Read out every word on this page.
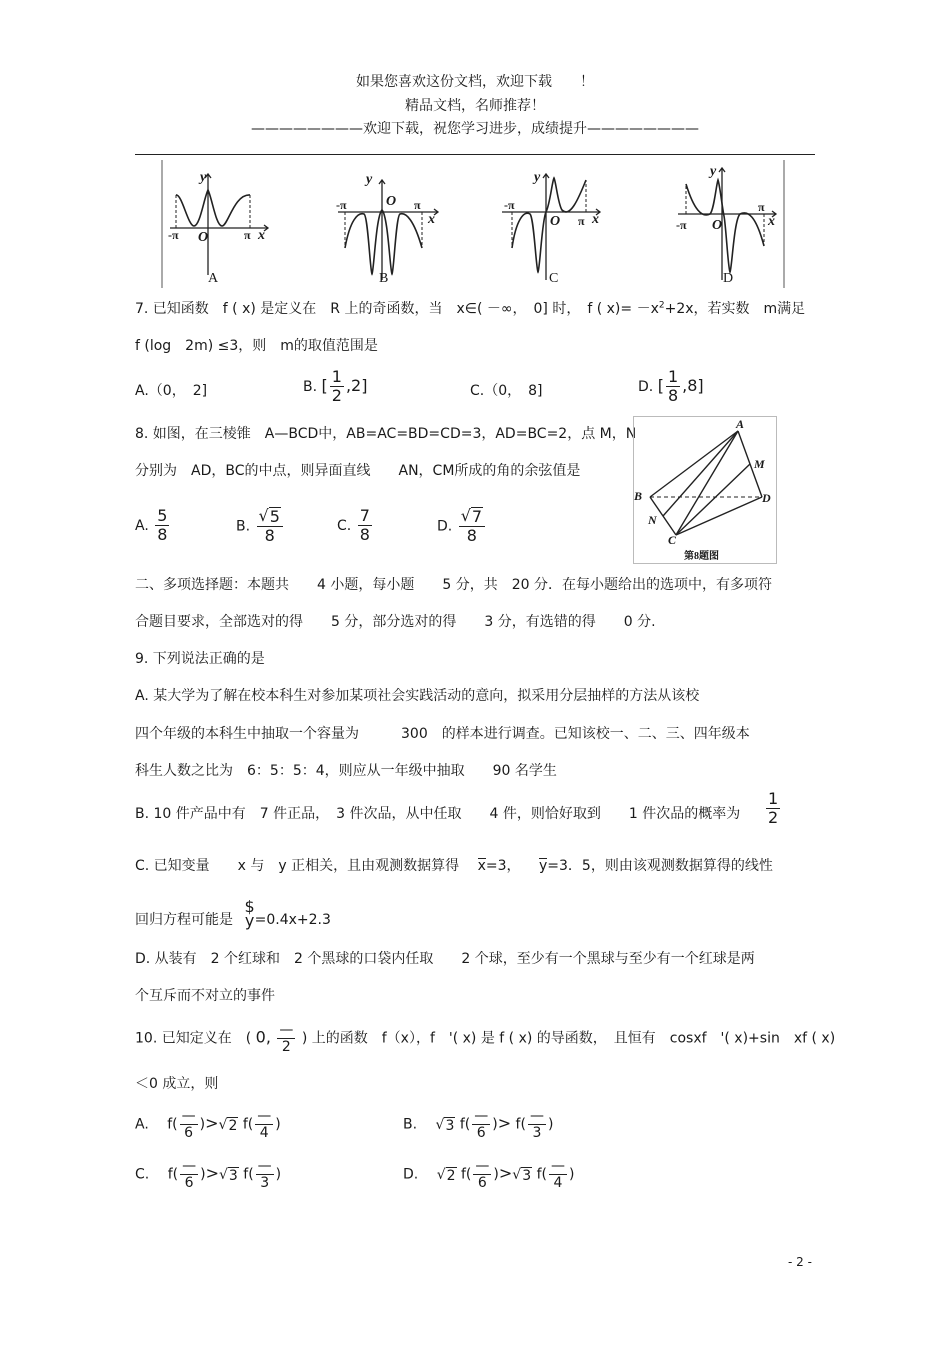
如果您喜欢这份文档，欢迎下载　　！
精品文档，名师推荐！
————————欢迎下载，祝您学习进步，成绩提升————————
y
O
-π	π x
A
y
O
-π	π
x
B
y
O
-π
π x
C
y
O
-π
π
x
D
7. 已知函数　f ( x) 是定义在　R 上的奇函数，当　x∈( －∞，　0] 时，　f ( $x)= -x^2+2x$，若实数　m满足
f (log　2m) ≤3，则　m的取值范围是
A.（0，　2]	B. [ $\frac{1}{2} ,2$]	C.（0，　8]	D. [ $\frac{1}{8} ,8$]
8. 如图，在三棱锥　A—BCD中，AB=AC=BD=CD=3，AD=BC=2，点 M，N
分别为　AD，BC的中点，则异面直线　　AN，CM所成的角的余弦值是
A. $\frac{5}{8}$	B. $\frac{√ 5}{8}$	C. $\frac{7}{8}$	D. $\frac{√ 7}{8}$
A
B
C
D
M
N
第8题图
二、多项选择题：本题共　　4 小题，每小题　　5 分，共　20 分．在每小题给出的选项中，有多项符
合题目要求，全部选对的得　　5 分，部分选对的得　　3 分，有选错的得　　0 分.
9. 下列说法正确的是
A. 某大学为了解在校本科生对参加某项社会实践活动的意向，拟采用分层抽样的方法从该校
四个年级的本科生中抽取一个容量为　　　300　的样本进行调查。已知该校一、二、三、四年级本
科生人数之比为　6：5：5：4，则应从一年级中抽取　　90 名学生
B. 10 件产品中有　7 件正品，　3 件次品，从中任取　　4 件，则恰好取到　　1 件次品的概率为 $\frac{1}{2}$
C. 已知变量　　x 与　y 正相关，且由观测数据算得  x=3，  y=3．5，则由该观测数据算得的线性
回归方程可能是 
$
y =0.4x+2.3
D. 从装有　2 个红球和　2 个黑球的口袋内任取　　2 个球，至少有一个黑球与至少有一个红球是两
个互斥而不对立的事件
10. 已知定义在　( 0, $\frac{—}{2}$ ) 上的函数　f（x），f　'( x) 是 f ( x) 的导函数，　且恒有　cosxf　'( x)+sin　xf ( x)
＜0 成立，则
A.  $f( \frac{—}{6}$ )>√ 2 $f( \frac{—}{4}$ )	B.  √ 3 $f( \frac{—}{6}$ )> $f( \frac{—}{3}$ )
C.  $f( \frac{—}{6}$ )>√ 3 $f( \frac{—}{3}$ )	D.  √ 2 $f( \frac{—}{6}$ )>√ 3 $f( \frac{—}{4}$ )
- 2 -
